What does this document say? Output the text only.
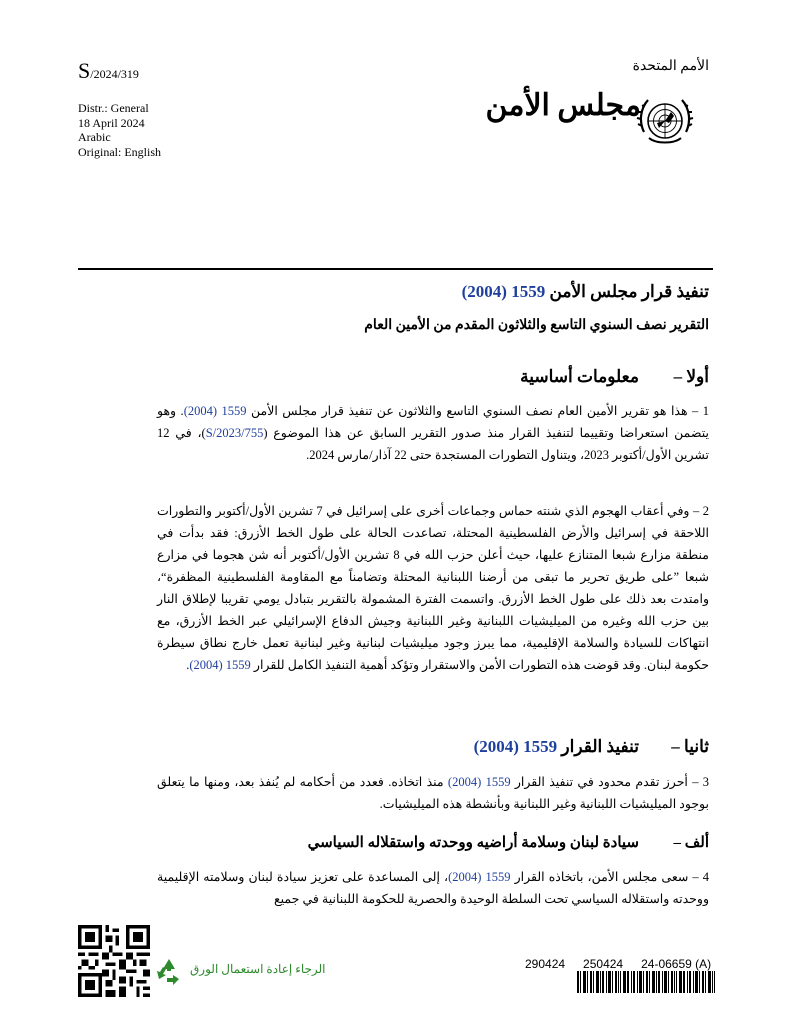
S/2024/319
Distr.: General
18 April 2024
Arabic
Original: English
الأمم المتحدة
مجلس الأمن
تنفيذ قرار مجلس الأمن 1559 (2004)
التقرير نصف السنوي التاسع والثلاثون المقدم من الأمين العام
أولا –معلومات أساسية
1 – هذا هو تقرير الأمين العام نصف السنوي التاسع والثلاثون عن تنفيذ قرار مجلس الأمن 1559 (2004). وهو يتضمن استعراضا وتقييما لتنفيذ القرار منذ صدور التقرير السابق عن هذا الموضوع (S/2023/755)، في 12 تشرين الأول/أكتوبر 2023، ويتناول التطورات المستجدة حتى 22 آذار/مارس 2024.
2 – وفي أعقاب الهجوم الذي شنته حماس وجماعات أخرى على إسرائيل في 7 تشرين الأول/أكتوبر والتطورات اللاحقة في إسرائيل والأرض الفلسطينية المحتلة، تصاعدت الحالة على طول الخط الأزرق: فقد بدأت في منطقة مزارع شبعا المتنازع عليها، حيث أعلن حزب الله في 8 تشرين الأول/أكتوبر أنه شن هجوما في مزارع شبعا ”على طريق تحرير ما تبقى من أرضنا اللبنانية المحتلة وتضامناً مع المقاومة الفلسطينية المظفرة“، وامتدت بعد ذلك على طول الخط الأزرق. واتسمت الفترة المشمولة بالتقرير بتبادل يومي تقريبا لإطلاق النار بين حزب الله وغيره من الميليشيات اللبنانية وغير اللبنانية وجيش الدفاع الإسرائيلي عبر الخط الأزرق، مع انتهاكات للسيادة والسلامة الإقليمية، مما يبرز وجود ميليشيات لبنانية وغير لبنانية تعمل خارج نطاق سيطرة حكومة لبنان. وقد قوضت هذه التطورات الأمن والاستقرار وتؤكد أهمية التنفيذ الكامل للقرار 1559 (2004).
ثانيا –تنفيذ القرار 1559 (2004)
3 – أحرز تقدم محدود في تنفيذ القرار 1559 (2004) منذ اتخاذه. فعدد من أحكامه لم يُنفذ بعد، ومنها ما يتعلق بوجود الميليشيات اللبنانية وغير اللبنانية وبأنشطة هذه الميليشيات.
ألف –سيادة لبنان وسلامة أراضيه ووحدته واستقلاله السياسي
4 – سعى مجلس الأمن، باتخاذه القرار 1559 (2004)، إلى المساعدة على تعزيز سيادة لبنان وسلامته الإقليمية ووحدته واستقلاله السياسي تحت السلطة الوحيدة والحصرية للحكومة اللبنانية في جميع
الرجاء إعادة استعمال الورق	290424 250424 24-06659 (A)
